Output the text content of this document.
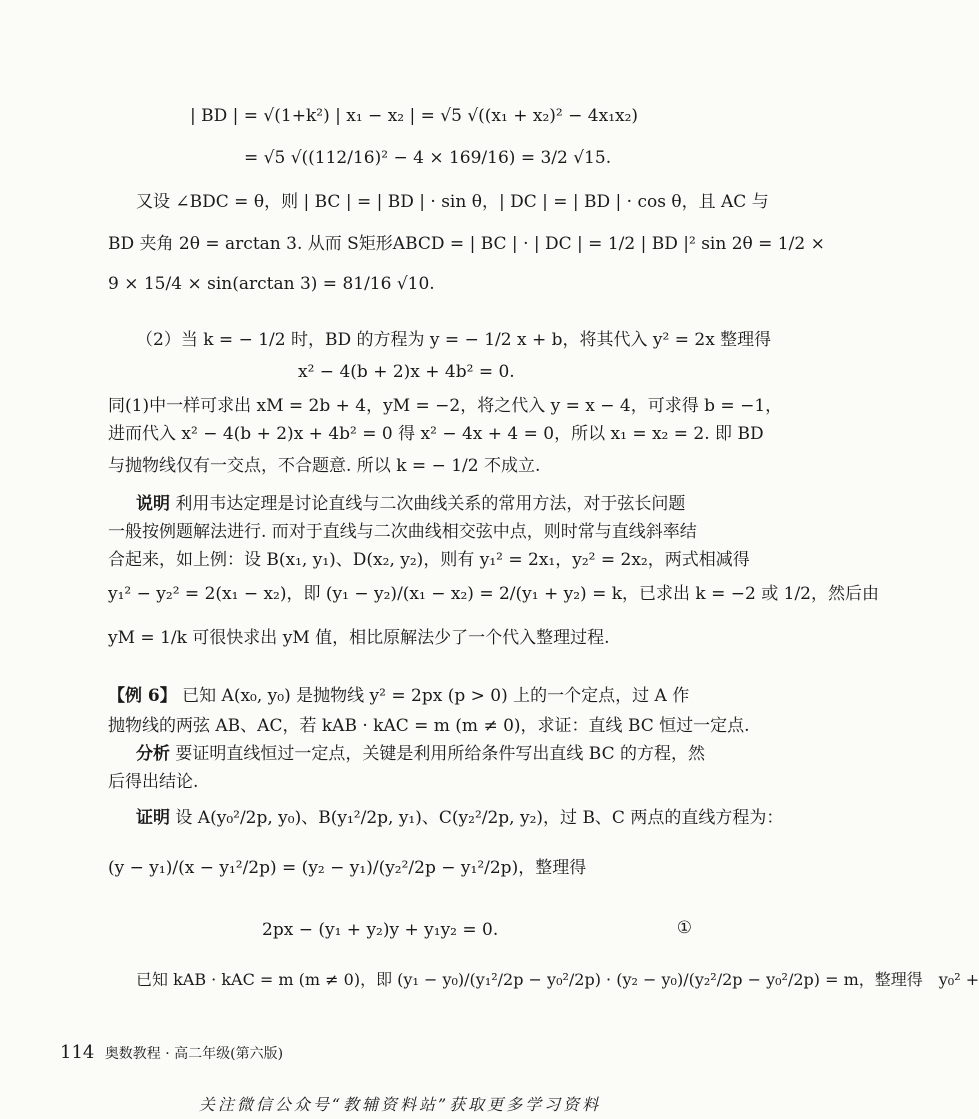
| BD | = √(1+k²) | x₁ − x₂ | = √5 √((x₁ + x₂)² − 4x₁x₂)
= √5 √((112/16)² − 4 × 169/16) = 3/2 √15.
又设 ∠BDC = θ，则 | BC | = | BD | · sin θ，| DC | = | BD | · cos θ，且 AC 与
BD 夹角 2θ = arctan 3. 从而 S矩形ABCD = | BC | · | DC | = 1/2 | BD |² sin 2θ = 1/2 ×
9 × 15/4 × sin(arctan 3) = 81/16 √10.
（2）当 k = − 1/2 时，BD 的方程为 y = − 1/2 x + b，将其代入 y² = 2x 整理得
x² − 4(b + 2)x + 4b² = 0.
同(1)中一样可求出 xM = 2b + 4，yM = −2，将之代入 y = x − 4，可求得 b = −1，
进而代入 x² − 4(b + 2)x + 4b² = 0 得 x² − 4x + 4 = 0，所以 x₁ = x₂ = 2. 即 BD
与抛物线仅有一交点，不合题意. 所以 k = − 1/2 不成立.
说明 利用韦达定理是讨论直线与二次曲线关系的常用方法，对于弦长问题
一般按例题解法进行. 而对于直线与二次曲线相交弦中点，则时常与直线斜率结
合起来，如上例：设 B(x₁, y₁)、D(x₂, y₂)，则有 y₁² = 2x₁，y₂² = 2x₂，两式相减得
y₁² − y₂² = 2(x₁ − x₂)，即 (y₁ − y₂)/(x₁ − x₂) = 2/(y₁ + y₂) = k，已求出 k = −2 或 1/2，然后由
yM = 1/k 可很快求出 yM 值，相比原解法少了一个代入整理过程.
【例 6】 已知 A(x₀, y₀) 是抛物线 y² = 2px (p > 0) 上的一个定点，过 A 作
抛物线的两弦 AB、AC，若 kAB · kAC = m (m ≠ 0)，求证：直线 BC 恒过一定点.
分析 要证明直线恒过一定点，关键是利用所给条件写出直线 BC 的方程，然
后得出结论.
证明 设 A(y₀²/2p, y₀)、B(y₁²/2p, y₁)、C(y₂²/2p, y₂)，过 B、C 两点的直线方程为：
(y − y₁)/(x − y₁²/2p) = (y₂ − y₁)/(y₂²/2p − y₁²/2p)，整理得
2px − (y₁ + y₂)y + y₁y₂ = 0.	①
已知 kAB · kAC = m (m ≠ 0)，即 (y₁ − y₀)/(y₁²/2p − y₀²/2p) · (y₂ − y₀)/(y₂²/2p − y₀²/2p) = m，整理得　y₀² +
114 奥数教程 · 高二年级(第六版)
关注微信公众号“教辅资料站”获取更多学习资料
